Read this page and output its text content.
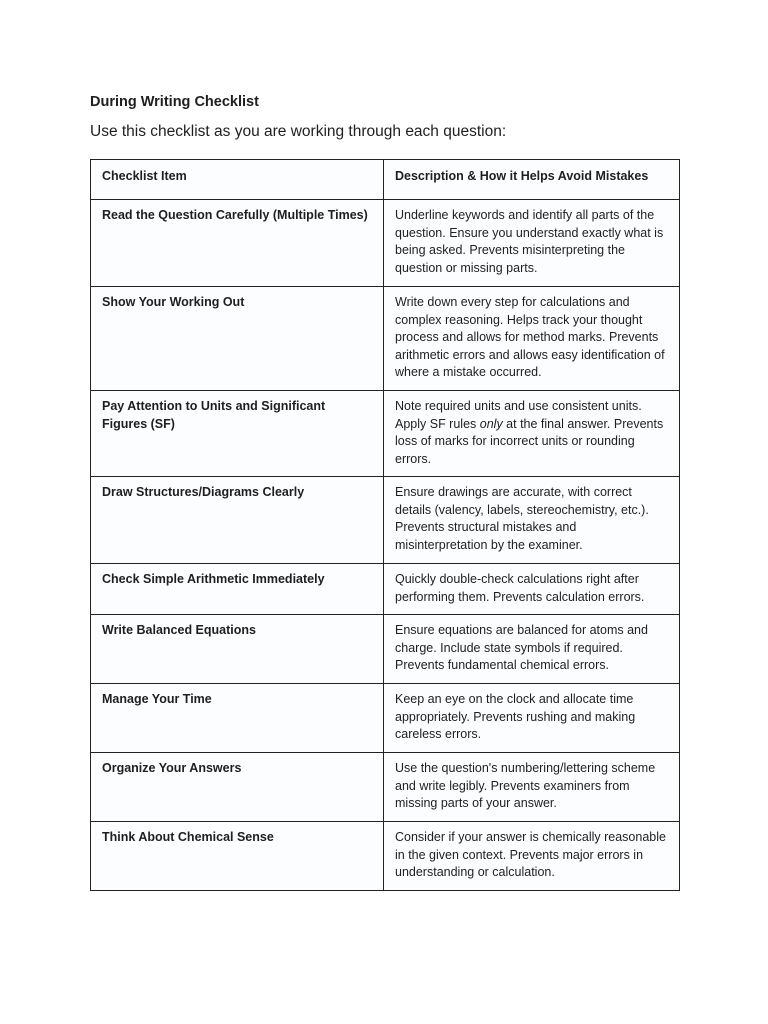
During Writing Checklist
Use this checklist as you are working through each question:
Checklist Item	Description & How it Helps Avoid Mistakes
Read the Question Carefully (Multiple Times)	Underline keywords and identify all parts of the question. Ensure you understand exactly what is being asked. Prevents misinterpreting the question or missing parts.
Show Your Working Out	Write down every step for calculations and complex reasoning. Helps track your thought process and allows for method marks. Prevents arithmetic errors and allows easy identification of where a mistake occurred.
Pay Attention to Units and Significant Figures (SF)	Note required units and use consistent units. Apply SF rules only at the final answer. Prevents loss of marks for incorrect units or rounding errors.
Draw Structures/Diagrams Clearly	Ensure drawings are accurate, with correct details (valency, labels, stereochemistry, etc.). Prevents structural mistakes and misinterpretation by the examiner.
Check Simple Arithmetic Immediately	Quickly double-check calculations right after performing them. Prevents calculation errors.
Write Balanced Equations	Ensure equations are balanced for atoms and charge. Include state symbols if required. Prevents fundamental chemical errors.
Manage Your Time	Keep an eye on the clock and allocate time appropriately. Prevents rushing and making careless errors.
Organize Your Answers	Use the question's numbering/lettering scheme and write legibly. Prevents examiners from missing parts of your answer.
Think About Chemical Sense	Consider if your answer is chemically reasonable in the given context. Prevents major errors in understanding or calculation.
